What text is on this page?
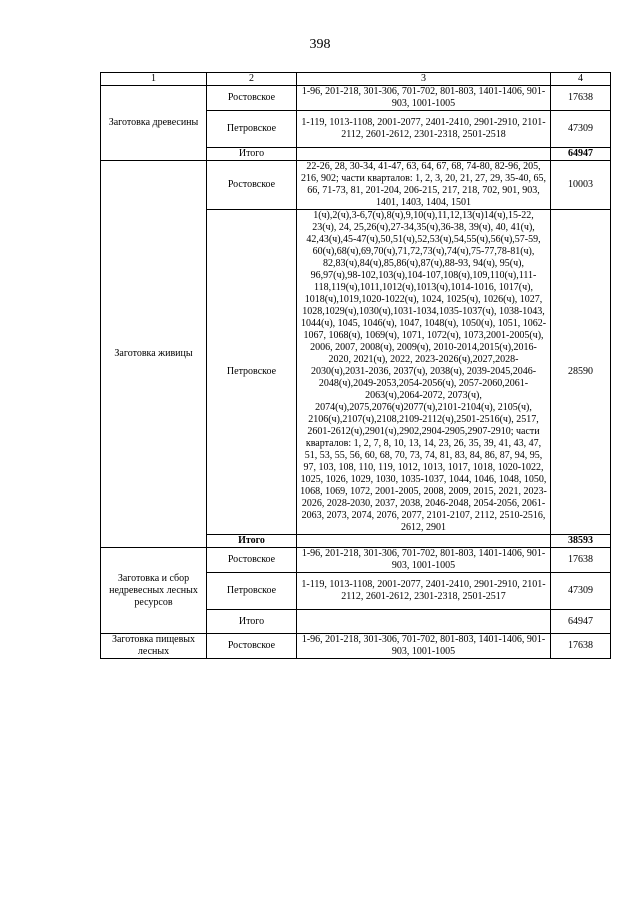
398
1	2	3	4
Заготовка древесины	Ростовское	1-96, 201-218, 301-306, 701-702, 801-803, 1401-1406, 901-903, 1001-1005	17638
	Петровское	1-119, 1013-1108, 2001-2077, 2401-2410, 2901-2910, 2101-2112, 2601-2612, 2301-2318, 2501-2518	47309
	Итого		64947
Заготовка живицы	Ростовское	22-26, 28, 30-34, 41-47, 63, 64, 67, 68, 74-80, 82-96, 205, 216, 902; части кварталов: 1, 2, 3, 20, 21, 27, 29, 35-40, 65, 66, 71-73, 81, 201-204, 206-215, 217, 218, 702, 901, 903, 1401, 1403, 1404, 1501	10003
	Петровское	1(ч),2(ч),3-6,7(ч),8(ч),9,10(ч),11,12,13(ч)14(ч),15-22, 23(ч), 24, 25,26(ч),27-34,35(ч),36-38, 39(ч), 40, 41(ч), 42,43(ч),45-47(ч),50,51(ч),52,53(ч),54,55(ч),56(ч),57-59, 60(ч),68(ч),69,70(ч),71,72,73(ч),74(ч),75-77,78-81(ч), 82,83(ч),84(ч),85,86(ч),87(ч),88-93, 94(ч), 95(ч), 96,97(ч),98-102,103(ч),104-107,108(ч),109,110(ч),111-118,119(ч),1011,1012(ч),1013(ч),1014-1016, 1017(ч), 1018(ч),1019,1020-1022(ч), 1024, 1025(ч), 1026(ч), 1027, 1028,1029(ч),1030(ч),1031-1034,1035-1037(ч), 1038-1043, 1044(ч), 1045, 1046(ч), 1047, 1048(ч), 1050(ч), 1051, 1062-1067, 1068(ч), 1069(ч), 1071, 1072(ч), 1073,2001-2005(ч), 2006, 2007, 2008(ч), 2009(ч), 2010-2014,2015(ч),2016-2020, 2021(ч), 2022, 2023-2026(ч),2027,2028-2030(ч),2031-2036, 2037(ч), 2038(ч), 2039-2045,2046-2048(ч),2049-2053,2054-2056(ч), 2057-2060,2061-2063(ч),2064-2072, 2073(ч), 2074(ч),2075,2076(ч)2077(ч),2101-2104(ч), 2105(ч), 2106(ч),2107(ч),2108,2109-2112(ч),2501-2516(ч), 2517, 2601-2612(ч),2901(ч),2902,2904-2905,2907-2910; части кварталов: 1, 2, 7, 8, 10, 13, 14, 23, 26, 35, 39, 41, 43, 47, 51, 53, 55, 56, 60, 68, 70, 73, 74, 81, 83, 84, 86, 87, 94, 95, 97, 103, 108, 110, 119, 1012, 1013, 1017, 1018, 1020-1022, 1025, 1026, 1029, 1030, 1035-1037, 1044, 1046, 1048, 1050, 1068, 1069, 1072, 2001-2005, 2008, 2009, 2015, 2021, 2023-2026, 2028-2030, 2037, 2038, 2046-2048, 2054-2056, 2061-2063, 2073, 2074, 2076, 2077, 2101-2107, 2112, 2510-2516, 2612, 2901	28590
	Итого		38593
Заготовка и сбор недревесных лесных ресурсов	Ростовское	1-96, 201-218, 301-306, 701-702, 801-803, 1401-1406, 901-903, 1001-1005	17638
	Петровское	1-119, 1013-1108, 2001-2077, 2401-2410, 2901-2910, 2101-2112, 2601-2612, 2301-2318, 2501-2517	47309
	Итого		64947
Заготовка пищевых лесных	Ростовское	1-96, 201-218, 301-306, 701-702, 801-803, 1401-1406, 901-903, 1001-1005	17638
